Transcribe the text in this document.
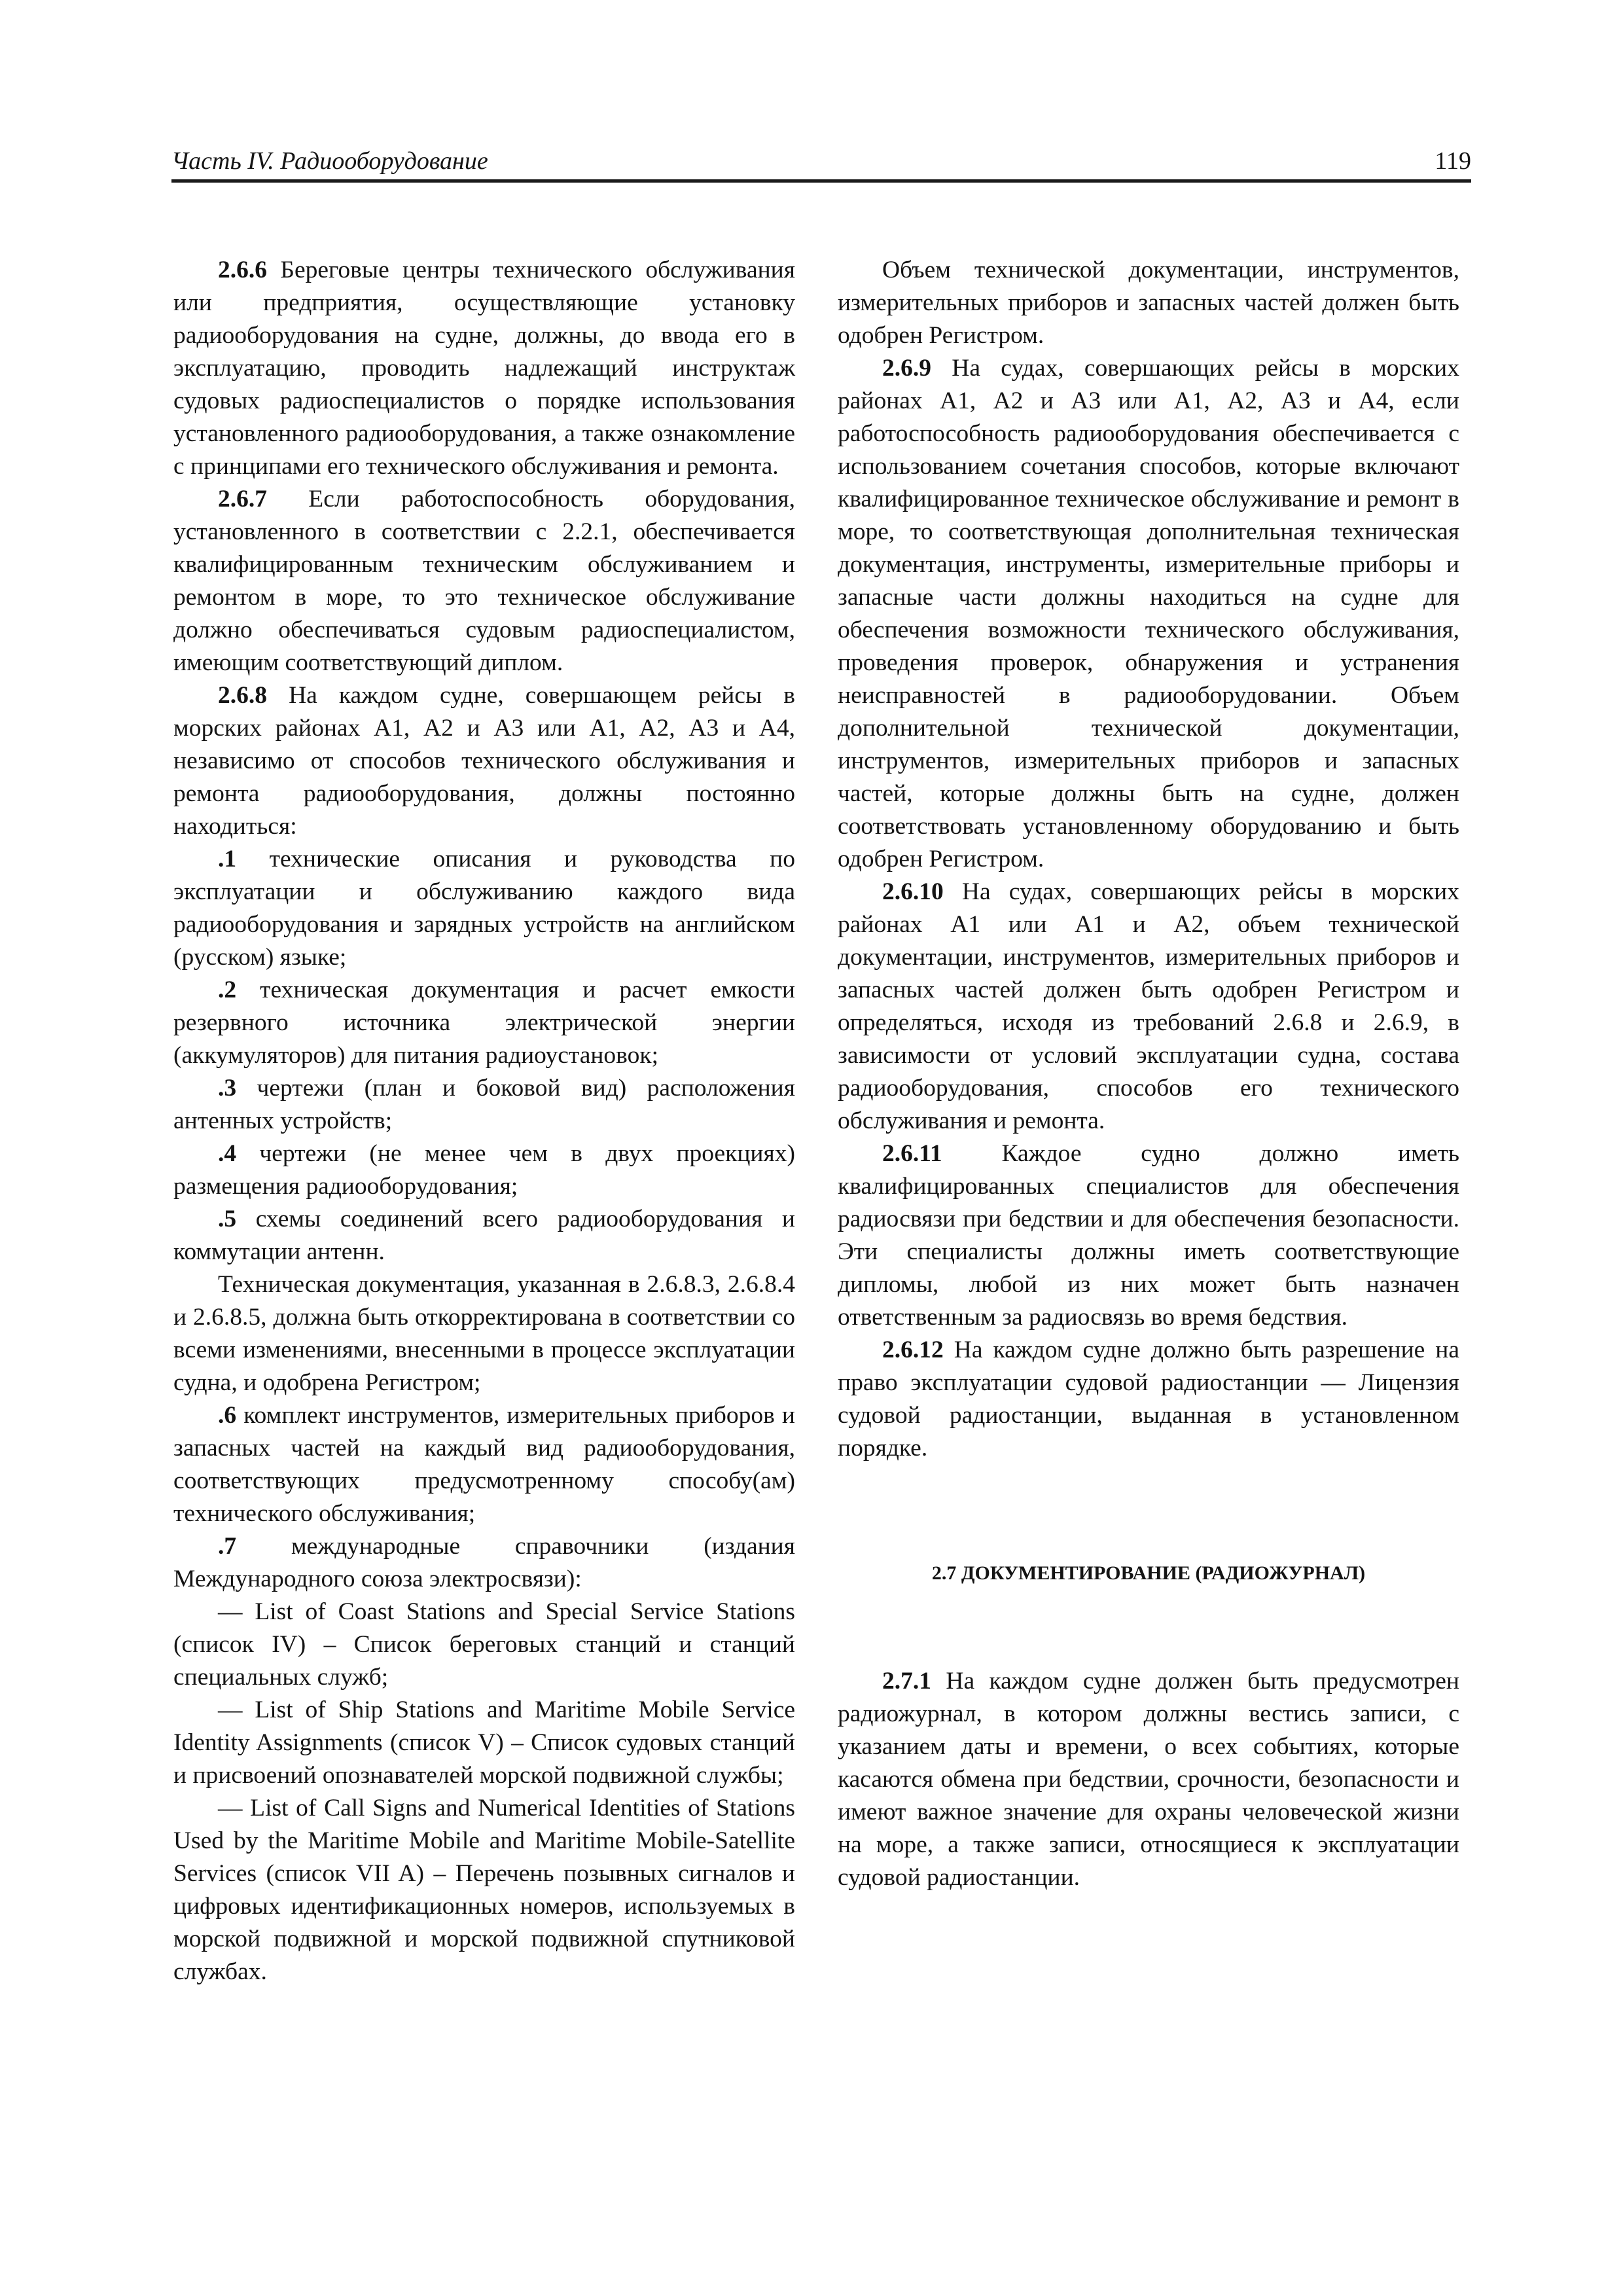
Часть IV. Радиооборудование	119

2.6.6 Береговые центры технического обслуживания или предприятия, осуществляющие установку радиооборудования на судне, должны, до ввода его в эксплуатацию, проводить надлежащий инструктаж судовых радиоспециалистов о порядке использования установленного радиооборудования, а также ознакомление с принципами его технического обслуживания и ремонта.

2.6.7 Если работоспособность оборудования, установленного в соответствии с 2.2.1, обеспечивается квалифицированным техническим обслуживанием и ремонтом в море, то это техническое обслуживание должно обеспечиваться судовым радиоспециалистом, имеющим соответствующий диплом.

2.6.8 На каждом судне, совершающем рейсы в морских районах А1, А2 и А3 или А1, А2, А3 и А4, независимо от способов технического обслуживания и ремонта радиооборудования, должны постоянно находиться:

.1 технические описания и руководства по эксплуатации и обслуживанию каждого вида радиооборудования и зарядных устройств на английском (русском) языке;

.2 техническая документация и расчет емкости резервного источника электрической энергии (аккумуляторов) для питания радиоустановок;

.3 чертежи (план и боковой вид) расположения антенных устройств;

.4 чертежи (не менее чем в двух проекциях) размещения радиооборудования;

.5 схемы соединений всего радиооборудования и коммутации антенн.

Техническая документация, указанная в 2.6.8.3, 2.6.8.4 и 2.6.8.5, должна быть откорректирована в соответствии со всеми изменениями, внесенными в процессе эксплуатации судна, и одобрена Регистром;

.6 комплект инструментов, измерительных приборов и запасных частей на каждый вид радиооборудования, соответствующих предусмотренному способу(ам) технического обслуживания;

.7 международные справочники (издания Международного союза электросвязи):

— List of Coast Stations and Special Service Stations (список IV) – Список береговых станций и станций специальных служб;

— List of Ship Stations and Maritime Mobile Service Identity Assignments (список V) – Список судовых станций и присвоений опознавателей морской подвижной службы;

— List of Call Signs and Numerical Identities of Stations Used by the Maritime Mobile and Maritime Mobile-Satellite Services (список VII A) – Перечень позывных сигналов и цифровых идентификационных номеров, используемых в морской подвижной и морской подвижной спутниковой службах.

Объем технической документации, инструментов, измерительных приборов и запасных частей должен быть одобрен Регистром.

2.6.9 На судах, совершающих рейсы в морских районах А1, А2 и А3 или А1, А2, А3 и А4, если работоспособность радиооборудования обеспечивается с использованием сочетания способов, которые включают квалифицированное техническое обслуживание и ремонт в море, то соответствующая дополнительная техническая документация, инструменты, измерительные приборы и запасные части должны находиться на судне для обеспечения возможности технического обслуживания, проведения проверок, обнаружения и устранения неисправностей в радиооборудовании. Объем дополнительной технической документации, инструментов, измерительных приборов и запасных частей, которые должны быть на судне, должен соответствовать установленному оборудованию и быть одобрен Регистром.

2.6.10 На судах, совершающих рейсы в морских районах А1 или А1 и А2, объем технической документации, инструментов, измерительных приборов и запасных частей должен быть одобрен Регистром и определяться, исходя из требований 2.6.8 и 2.6.9, в зависимости от условий эксплуатации судна, состава радиооборудования, способов его технического обслуживания и ремонта.

2.6.11 Каждое судно должно иметь квалифицированных специалистов для обеспечения радиосвязи при бедствии и для обеспечения безопасности. Эти специалисты должны иметь соответствующие дипломы, любой из них может быть назначен ответственным за радиосвязь во время бедствия.

2.6.12 На каждом судне должно быть разрешение на право эксплуатации судовой радиостанции — Лицензия судовой радиостанции, выданная в установленном порядке.

2.7 ДОКУМЕНТИРОВАНИЕ (РАДИОЖУРНАЛ)

2.7.1 На каждом судне должен быть предусмотрен радиожурнал, в котором должны вестись записи, с указанием даты и времени, о всех событиях, которые касаются обмена при бедствии, срочности, безопасности и имеют важное значение для охраны человеческой жизни на море, а также записи, относящиеся к эксплуатации судовой радиостанции.
